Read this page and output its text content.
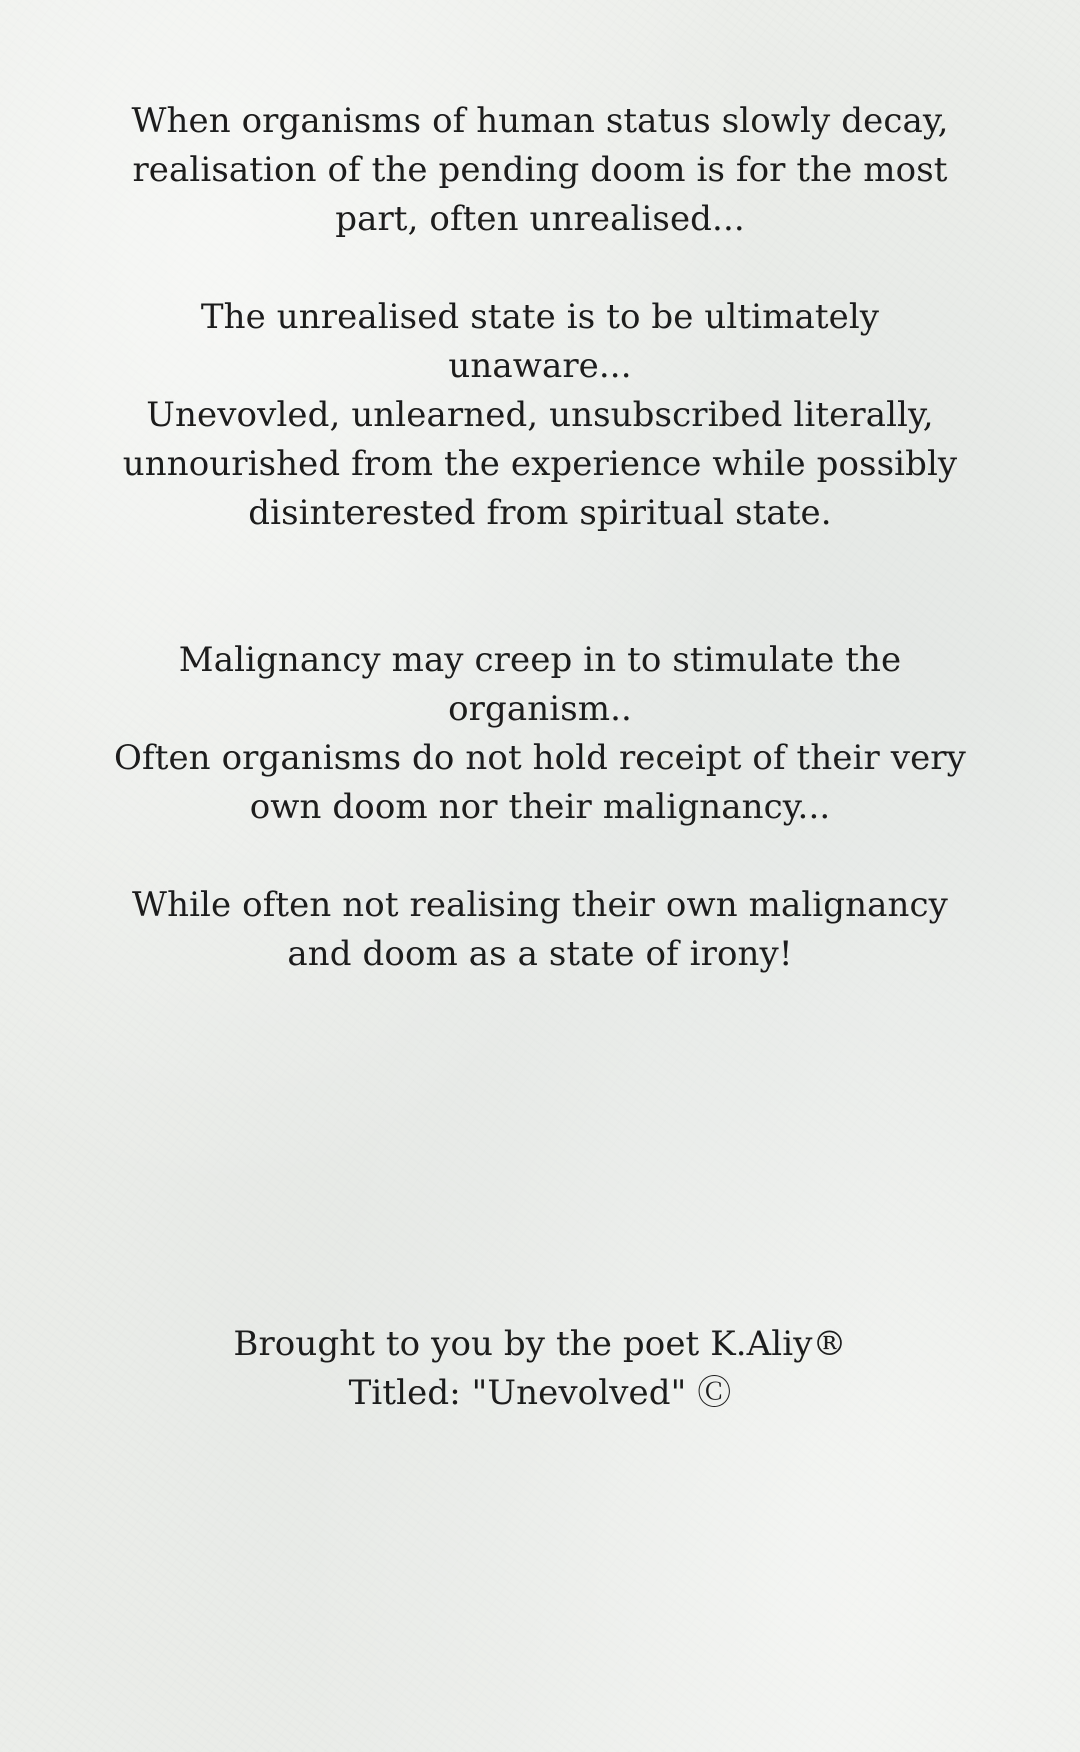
When organisms of human status slowly decay,
realisation of the pending doom is for the most
part, often unrealised...
The unrealised state is to be ultimately
unaware...
Unevovled, unlearned, unsubscribed literally,
unnourished from the experience while possibly
disinterested from spiritual state.
Malignancy may creep in to stimulate the
organism..
Often organisms do not hold receipt of their very
own doom nor their malignancy...
While often not realising their own malignancy
and doom as a state of irony!
Brought to you by the poet K.Aliy®
Titled: "Unevolved" Ⓒ
